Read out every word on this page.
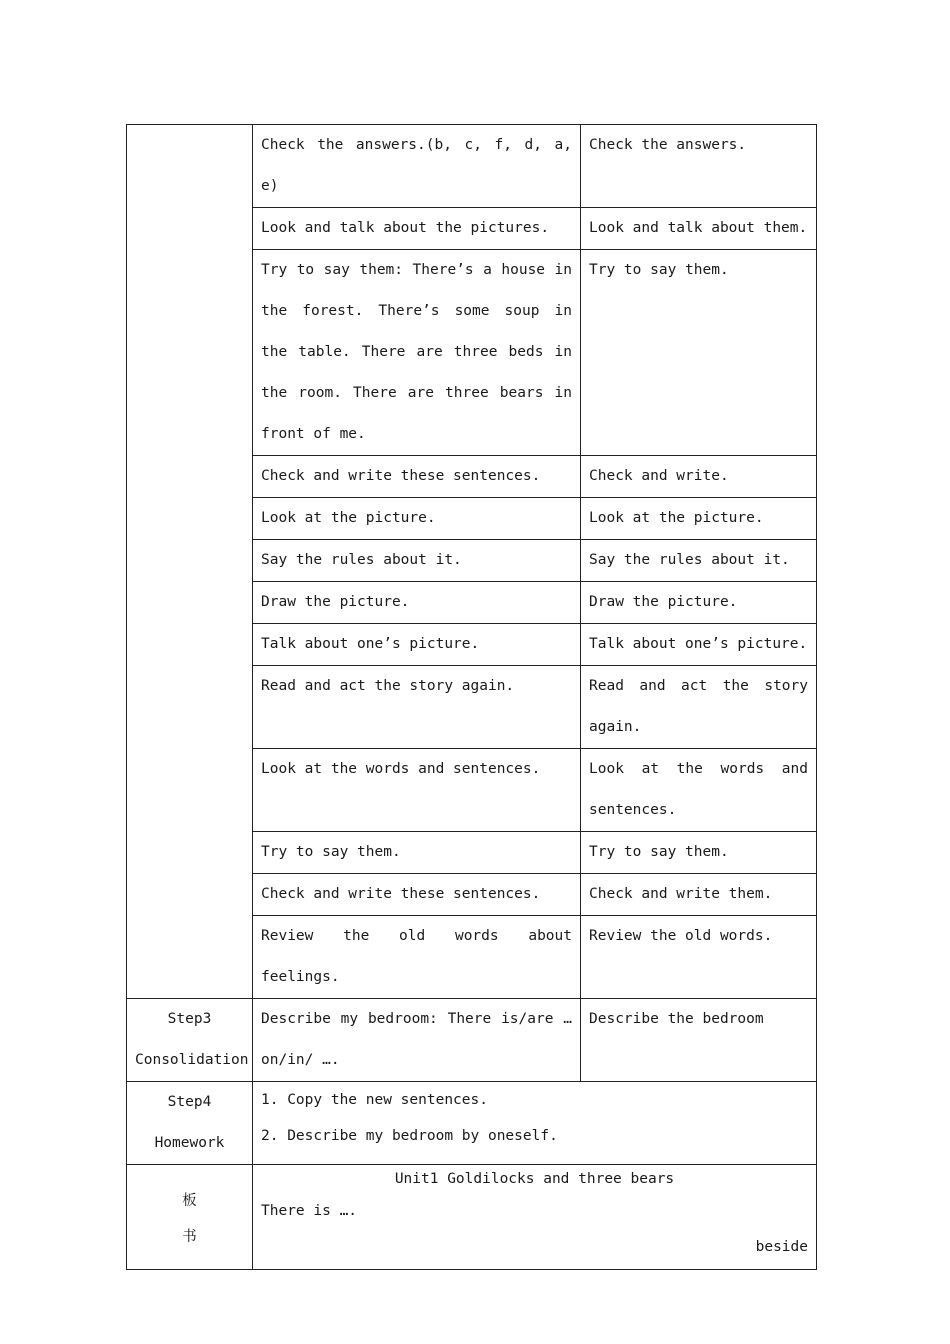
	Check the answers.(b, c, f, d, a, e)	Check the answers.
	Look and talk about the pictures.	Look and talk about them.
	Try to say them: There’s a house in the forest. There’s some soup in the table. There are three beds in the room. There are three bears in front of me.	Try to say them.
	Check and write these sentences.	Check and write.
	Look at the picture.	Look at the picture.
	Say the rules about it.	Say the rules about it.
	Draw the picture.	Draw the picture.
	Talk about one’s picture.	Talk about one’s picture.
	Read and act the story again.	Read and act the story again.
	Look at the words and sentences.	Look at the words and sentences.
	Try to say them.	Try to say them.
	Check and write these sentences.	Check and write them.
	Review the old words about feelings.	Review the old words.

Step3
Consolidation	Describe my bedroom: There is/are …on/in/ ….	Describe the bedroom

Step4
Homework	1. Copy the new sentences.
2. Describe my bedroom by oneself.	

板
书	Unit1 Goldilocks and three bears
There is ….
beside	
